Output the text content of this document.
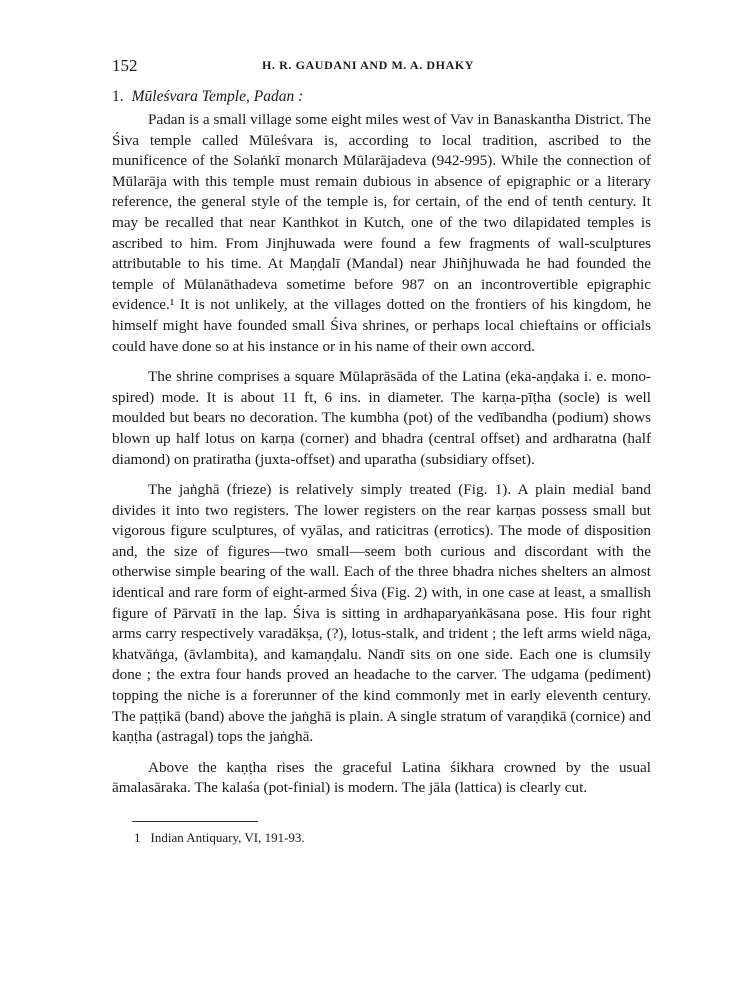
152	H. R. GAUDANI AND M. A. DHAKY
1. Mūleśvara Temple, Padan :

Padan is a small village some eight miles west of Vav in Banaskantha District. The Śiva temple called Mūleśvara is, according to local tradition, ascribed to the munificence of the Solaṅkī monarch Mūlarājadeva (942-995). While the connection of Mūlarāja with this temple must remain dubious in absence of epigraphic or a literary reference, the general style of the temple is, for certain, of the end of tenth century. It may be recalled that near Kanthkot in Kutch, one of the two dilapidated temples is ascribed to him. From Jinjhuwada were found a few fragments of wall-sculptures attributable to his time. At Maṇḍalī (Mandal) near Jhiñjhuwada he had founded the temple of Mūlanāthadeva sometime before 987 on an incontrovertible epigraphic evidence.¹ It is not unlikely, at the villages dotted on the frontiers of his kingdom, he himself might have founded small Śiva shrines, or perhaps local chieftains or officials could have done so at his instance or in his name of their own accord.

The shrine comprises a square Mūlaprāsāda of the Latina (eka-aṇḍaka i. e. mono-spired) mode. It is about 11 ft, 6 ins. in diameter. The karṇa-pīṭha (socle) is well moulded but bears no decoration. The kumbha (pot) of the vedībandha (podium) shows blown up half lotus on karṇa (corner) and bhadra (central offset) and ardharatna (half diamond) on pratiratha (juxta-offset) and uparatha (subsidiary offset).

The jaṅghā (frieze) is relatively simply treated (Fig. 1). A plain medial band divides it into two registers. The lower registers on the rear karṇas possess small but vigorous figure sculptures, of vyālas, and raticitras (errotics). The mode of disposition and, the size of figures—two small—seem both curious and discordant with the otherwise simple bearing of the wall. Each of the three bhadra niches shelters an almost identical and rare form of eight-armed Śiva (Fig. 2) with, in one case at least, a smallish figure of Pārvatī in the lap. Śiva is sitting in ardhaparyaṅkāsana pose. His four right arms carry respectively varadākṣa, (?), lotus-stalk, and trident ; the left arms wield nāga, khatvāṅga, (āvlambita), and kamaṇḍalu. Nandī sits on one side. Each one is clumsily done ; the extra four hands proved an headache to the carver. The udgama (pediment) topping the niche is a forerunner of the kind commonly met in early eleventh century. The paṭṭikā (band) above the jaṅghā is plain. A single stratum of varaṇḍikā (cornice) and kaṇṭha (astragal) tops the jaṅghā.

Above the kaṇṭha rises the graceful Latina śikhara crowned by the usual āmalasāraka. The kalaśa (pot-finial) is modern. The jāla (lattica) is clearly cut.

1 Indian Antiquary, VI, 191-93.
